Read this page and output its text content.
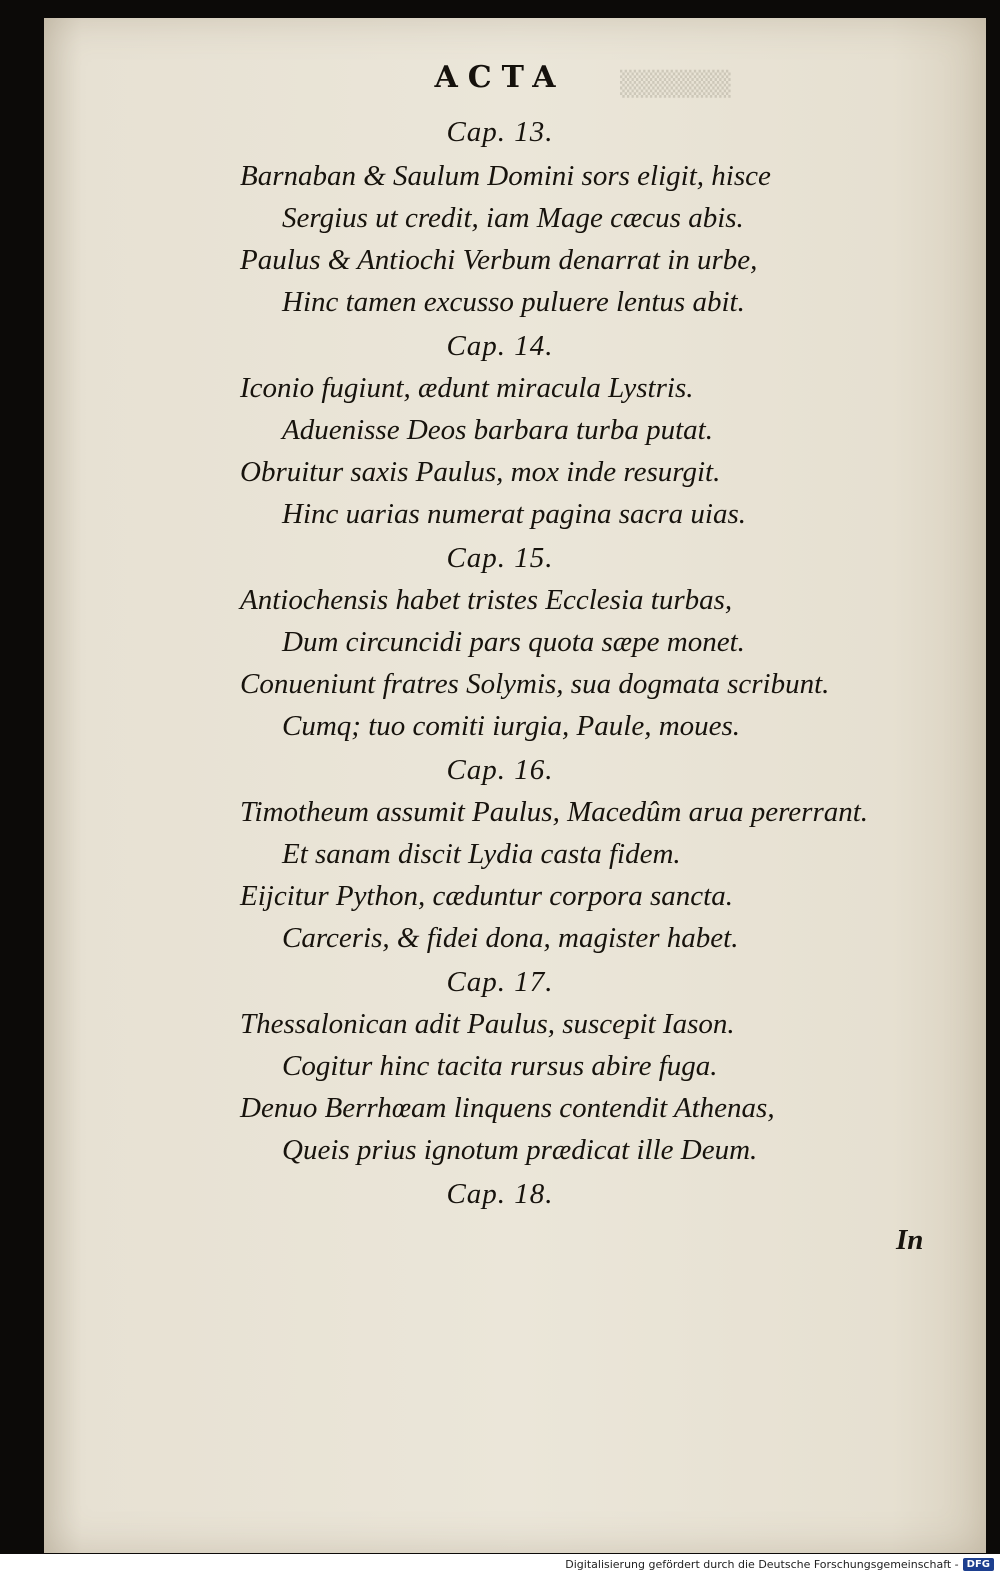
▒▒▒▒▒▒
ACTA
Cap. 13.
Barnaban & Saulum Domini sors eligit, hisce
Sergius ut credit, iam Mage cæcus abis.
Paulus & Antiochi Verbum denarrat in urbe,
Hinc tamen excusso puluere lentus abit.
Cap. 14.
Iconio fugiunt, ædunt miracula Lystris.
Aduenisse Deos barbara turba putat.
Obruitur saxis Paulus, mox inde resurgit.
Hinc uarias numerat pagina sacra uias.
Cap. 15.
Antiochensis habet tristes Ecclesia turbas,
Dum circuncidi pars quota sæpe monet.
Conueniunt fratres Solymis, sua dogmata scribunt.
Cumq; tuo comiti iurgia, Paule, moues.
Cap. 16.
Timotheum assumit Paulus, Macedûm arua pererrant.
Et sanam discit Lydia casta fidem.
Eijcitur Python, cæduntur corpora sancta.
Carceris, & fidei dona, magister habet.
Cap. 17.
Thessalonican adit Paulus, suscepit Iason.
Cogitur hinc tacita rursus abire fuga.
Denuo Berrhœam linquens contendit Athenas,
Queis prius ignotum prædicat ille Deum.
Cap. 18.
In
Digitalisierung gefördert durch die Deutsche Forschungsgemeinschaft - DFG
